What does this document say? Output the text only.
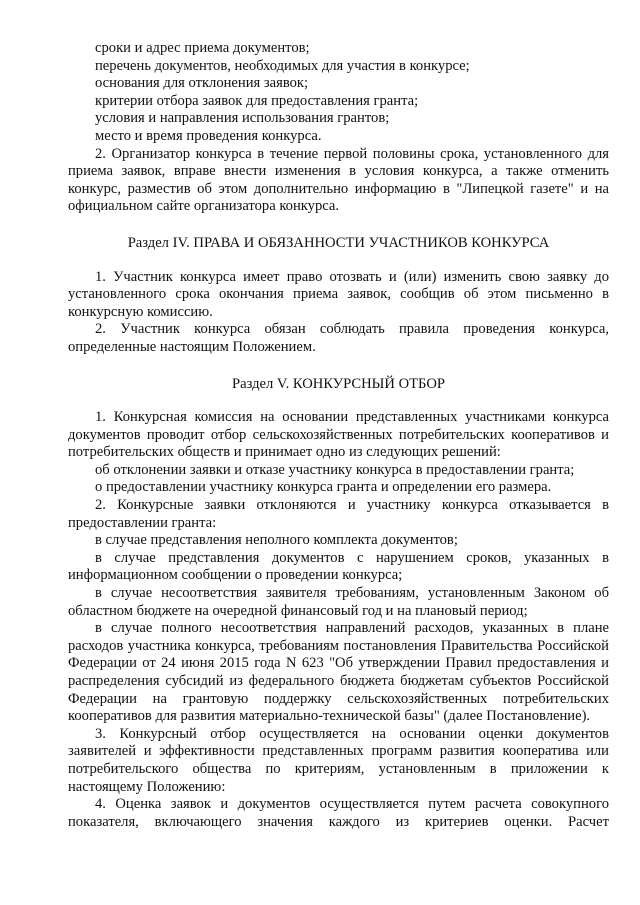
сроки и адрес приема документов;

перечень документов, необходимых для участия в конкурсе;

основания для отклонения заявок;

критерии отбора заявок для предоставления гранта;

условия и направления использования грантов;

место и время проведения конкурса.

2. Организатор конкурса в течение первой половины срока, установленного для приема заявок, вправе внести изменения в условия конкурса, а также отменить конкурс, разместив об этом дополнительно информацию в "Липецкой газете" и на официальном сайте организатора конкурса.

Раздел IV. ПРАВА И ОБЯЗАННОСТИ УЧАСТНИКОВ КОНКУРСА

1. Участник конкурса имеет право отозвать и (или) изменить свою заявку до установленного срока окончания приема заявок, сообщив об этом письменно в конкурсную комиссию.

2. Участник конкурса обязан соблюдать правила проведения конкурса, определенные настоящим Положением.

Раздел V. КОНКУРСНЫЙ ОТБОР

1. Конкурсная комиссия на основании представленных участниками конкурса документов проводит отбор сельскохозяйственных потребительских кооперативов и потребительских обществ и принимает одно из следующих решений:

об отклонении заявки и отказе участнику конкурса в предоставлении гранта;

о предоставлении участнику конкурса гранта и определении его размера.

2. Конкурсные заявки отклоняются и участнику конкурса отказывается в предоставлении гранта:

в случае представления неполного комплекта документов;

в случае представления документов с нарушением сроков, указанных в информационном сообщении о проведении конкурса;

в случае несоответствия заявителя требованиям, установленным Законом об областном бюджете на очередной финансовый год и на плановый период;

в случае полного несоответствия направлений расходов, указанных в плане расходов участника конкурса, требованиям постановления Правительства Российской Федерации от 24 июня 2015 года N 623 "Об утверждении Правил предоставления и распределения субсидий из федерального бюджета бюджетам субъектов Российской Федерации на грантовую поддержку сельскохозяйственных потребительских кооперативов для развития материально-технической базы" (далее Постановление).

3. Конкурсный отбор осуществляется на основании оценки документов заявителей и эффективности представленных программ развития кооператива или потребительского общества по критериям, установленным в приложении к настоящему Положению:

4. Оценка заявок и документов осуществляется путем расчета совокупного показателя, включающего значения каждого из критериев оценки. Расчет
